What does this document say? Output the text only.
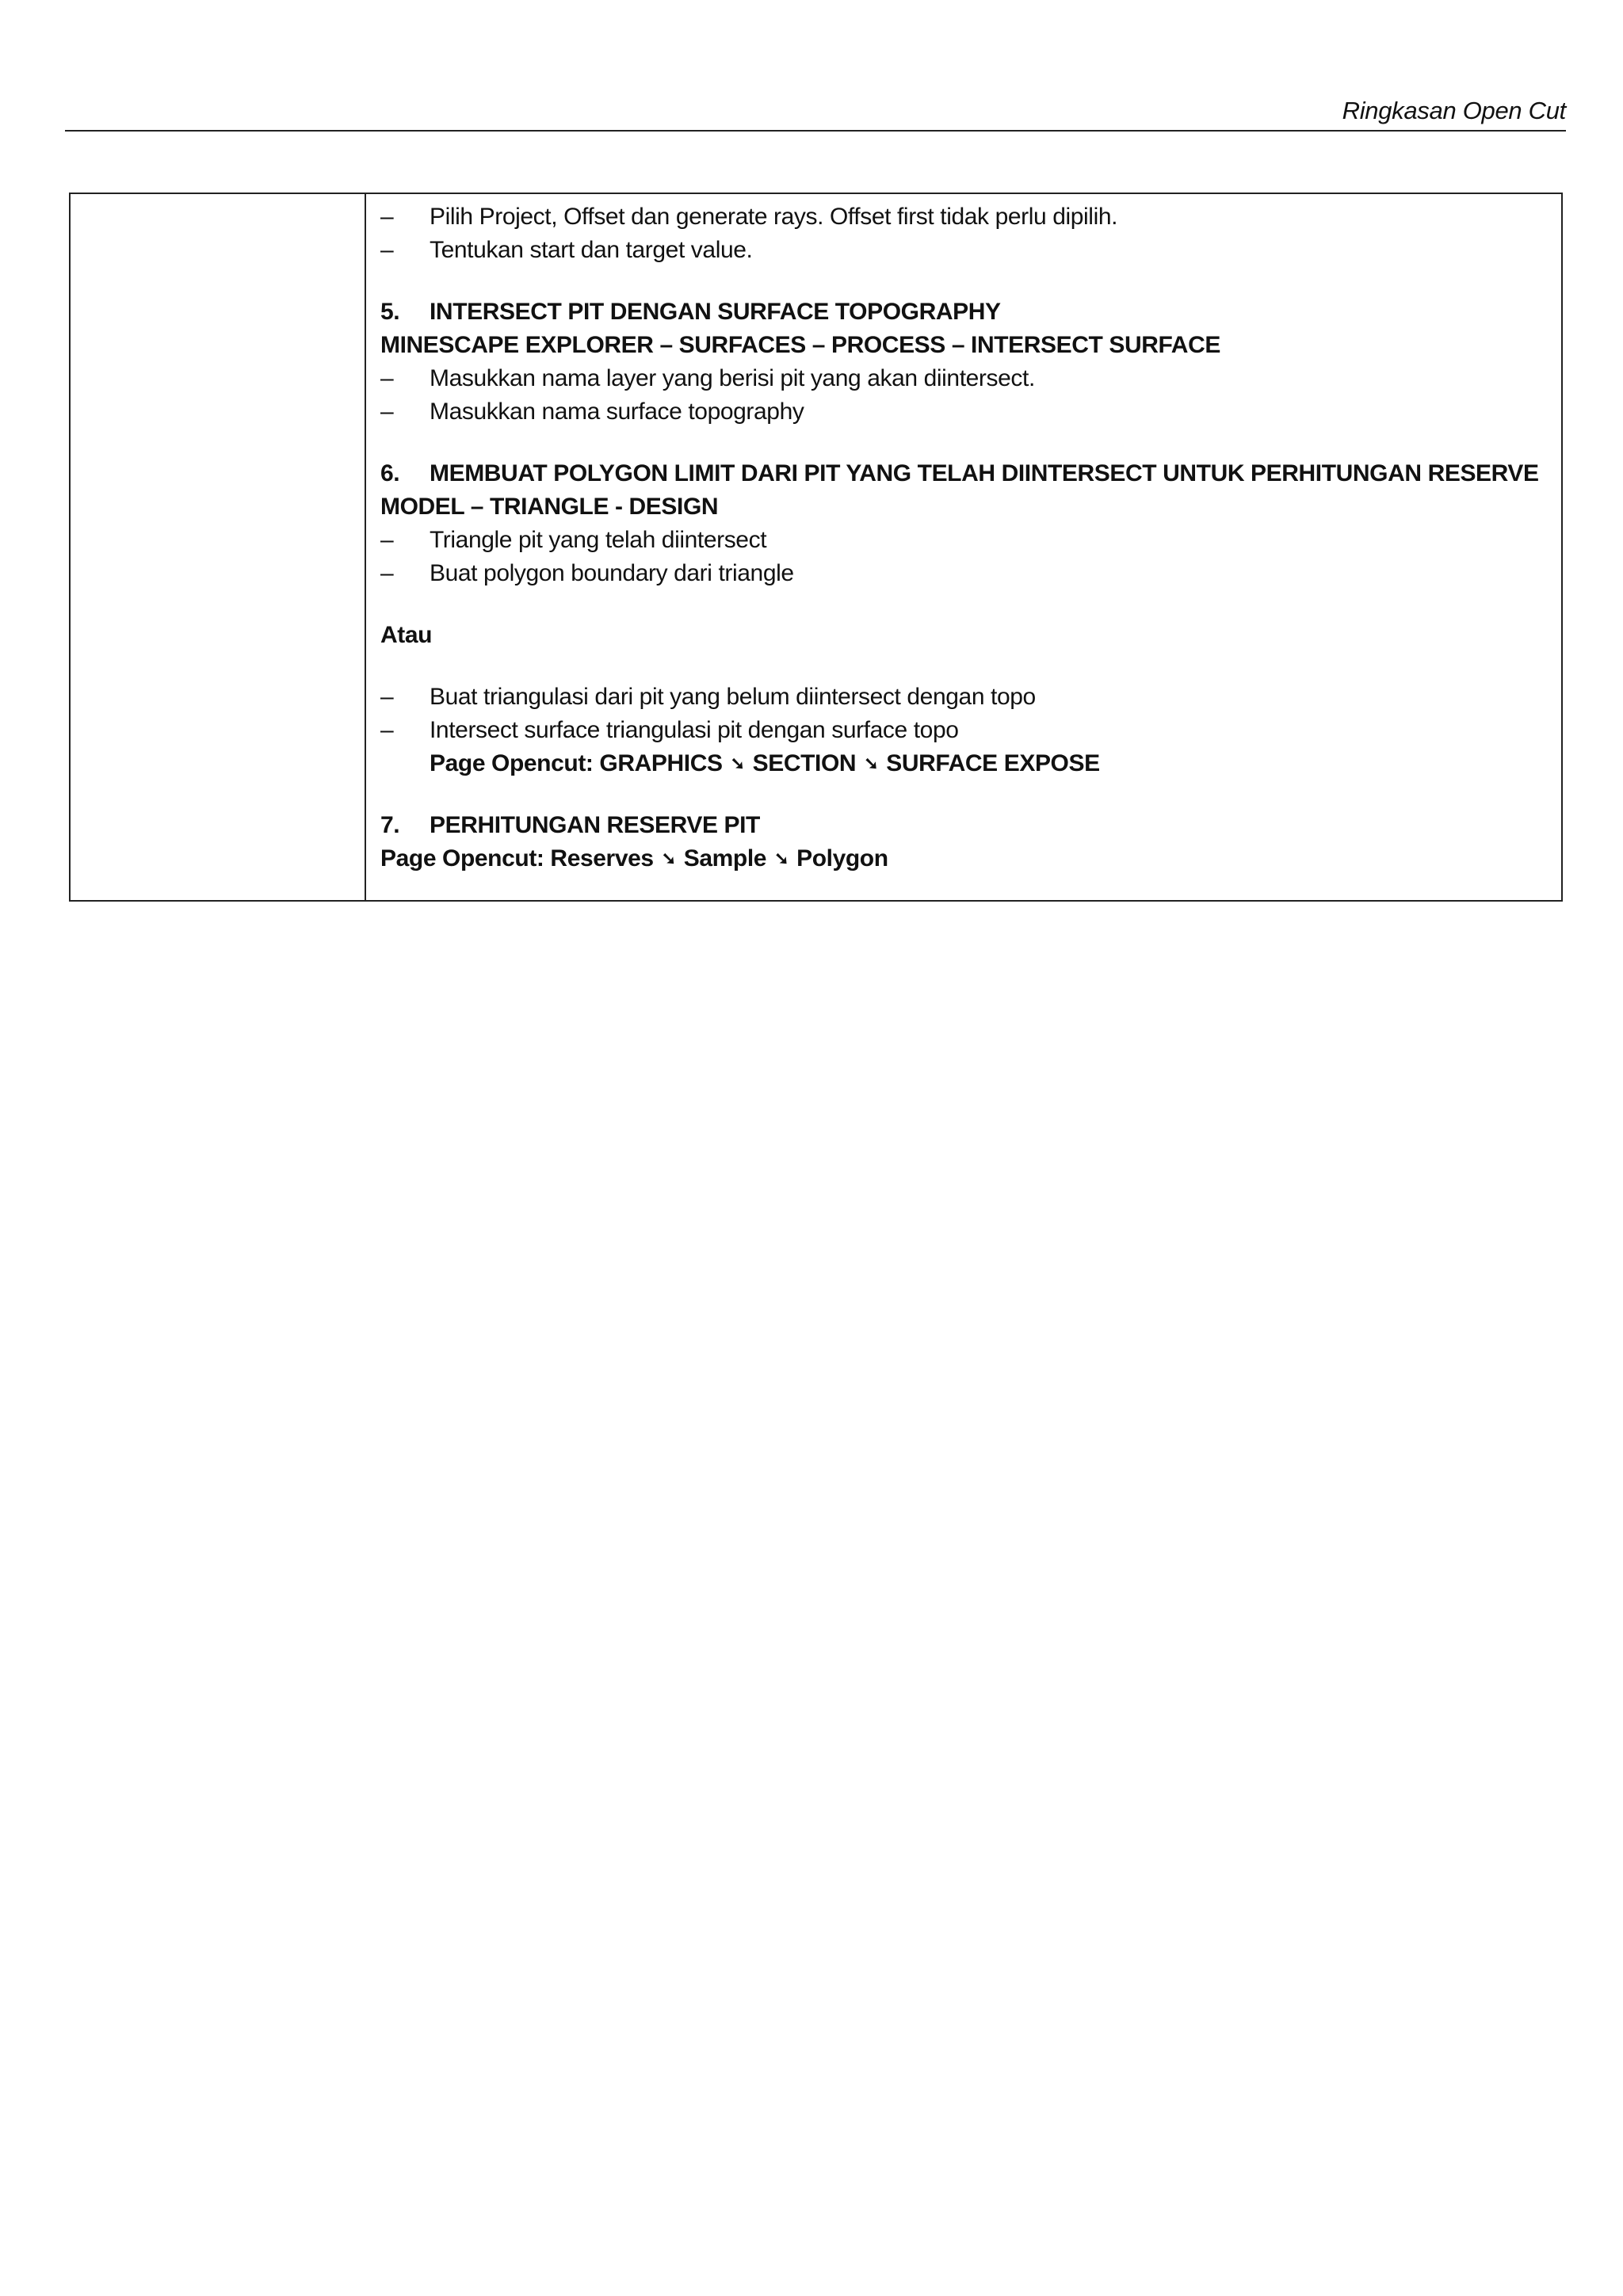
Ringkasan Open Cut
–	Pilih Project, Offset dan generate rays. Offset first tidak perlu dipilih.
–	Tentukan start dan target value.
5. INTERSECT PIT DENGAN SURFACE TOPOGRAPHY
MINESCAPE EXPLORER – SURFACES – PROCESS – INTERSECT SURFACE
–	Masukkan nama layer yang berisi pit yang akan diintersect.
–	Masukkan nama surface topography
6. MEMBUAT POLYGON LIMIT DARI PIT YANG TELAH DIINTERSECT UNTUK PERHITUNGAN RESERVE
MODEL – TRIANGLE - DESIGN
–	Triangle pit yang telah diintersect
–	Buat polygon boundary dari triangle
Atau
–	Buat triangulasi dari pit yang belum diintersect dengan topo
–	Intersect surface triangulasi pit dengan surface topo
Page Opencut: GRAPHICS ➘ SECTION ➘ SURFACE EXPOSE
7. PERHITUNGAN RESERVE PIT
Page Opencut: Reserves ➘ Sample ➘ Polygon
